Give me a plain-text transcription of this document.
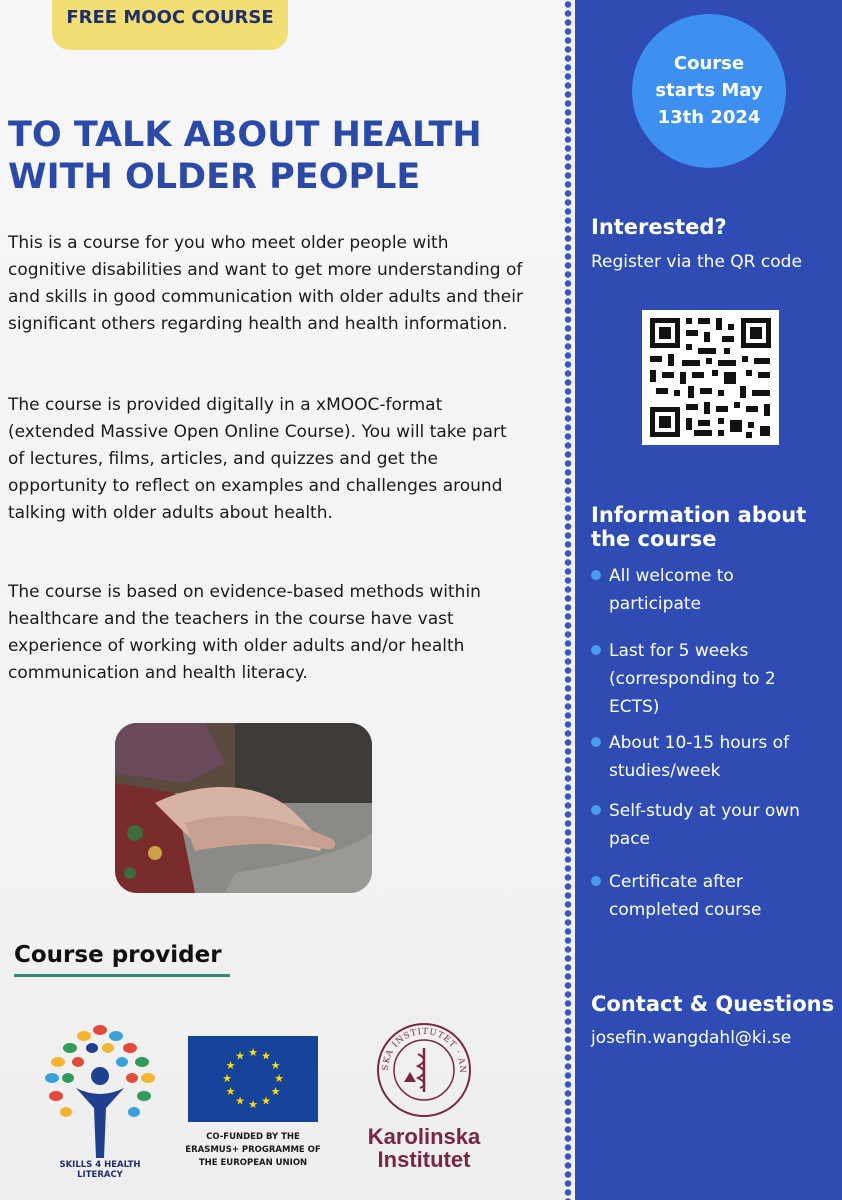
FREE MOOC COURSE
TO TALK ABOUT HEALTH WITH OLDER PEOPLE

This is a course for you who meet older people with cognitive disabilities and want to get more understanding of and skills in good communication with older adults and their significant others regarding health and health information.

The course is provided digitally in a xMOOC-format (extended Massive Open Online Course). You will take part of lectures, films, articles, and quizzes and get the opportunity to reflect on examples and challenges around talking with older adults about health.

The course is based on evidence-based methods within healthcare and the teachers in the course have vast experience of working with older adults and/or health communication and health literacy.

Course provider
SKILLS 4 HEALTH LITERACY
★ ★
★
★
★
★
★
★
★
★
★
★
CO-FUNDED BY THE ERASMUS+ PROGRAMME OF THE EUROPEAN UNION
SKA INSTITUTET · AN
Karolinska
Institutet
Course starts May 13th 2024
Interested?
Register via the QR code
Information about the course
All welcome to participate
Last for 5 weeks (corresponding to 2 ECTS)
About 10-15 hours of studies/week
Self-study at your own pace
Certificate after completed course
Contact & Questions
josefin.wangdahl@ki.se
